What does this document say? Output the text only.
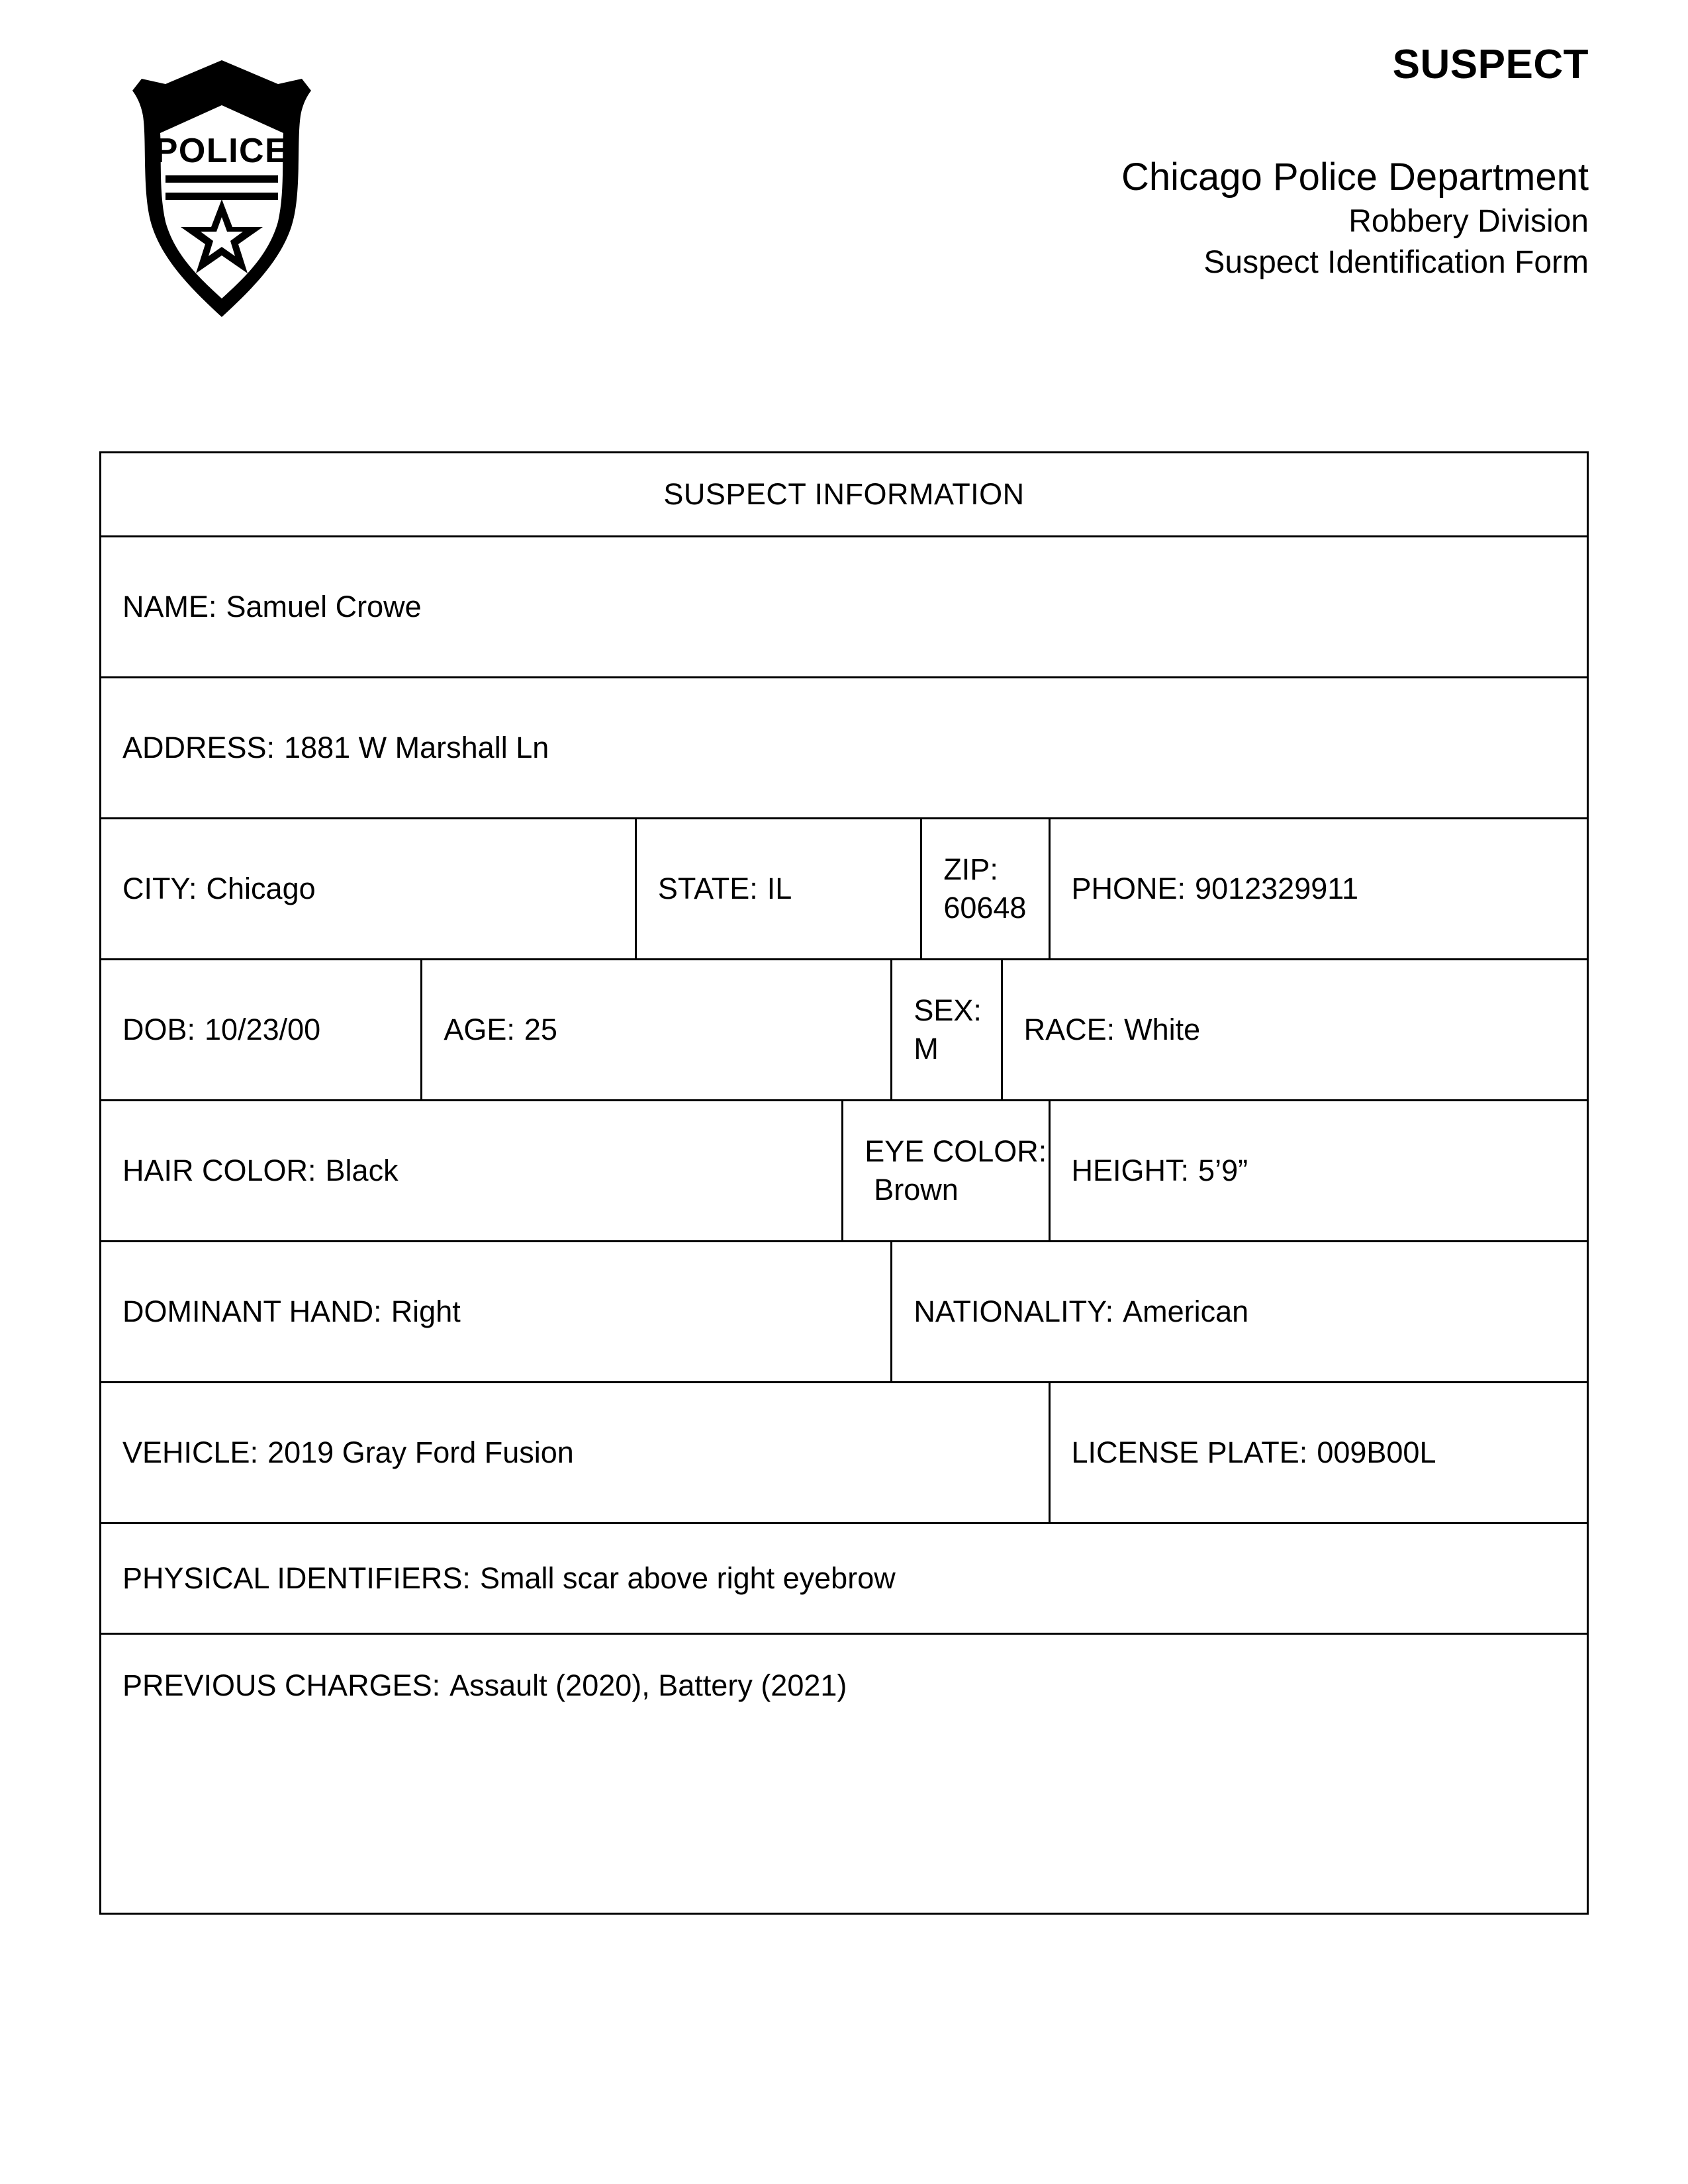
POLICE
SUSPECT
Chicago Police Department
Robbery Division
Suspect Identification Form
SUSPECT INFORMATION							
NAME: Samuel Crowe							
ADDRESS: 1881 W Marshall Ln							
CITY: Chicago		STATE: IL			ZIP:60648		PHONE: 9012329911
DOB: 10/23/00	AGE: 25			SEX:M		RACE: White	
HAIR COLOR: Black			EYE COLOR:Brown				HEIGHT: 5’9”
DOMINANT HAND: Right				NATIONALITY: American			
VEHICLE: 2019 Gray Ford Fusion							LICENSE PLATE: 009B00L
PHYSICAL IDENTIFIERS: Small scar above right eyebrow							

PREVIOUS CHARGES: Assault (2020), Battery (2021)							
